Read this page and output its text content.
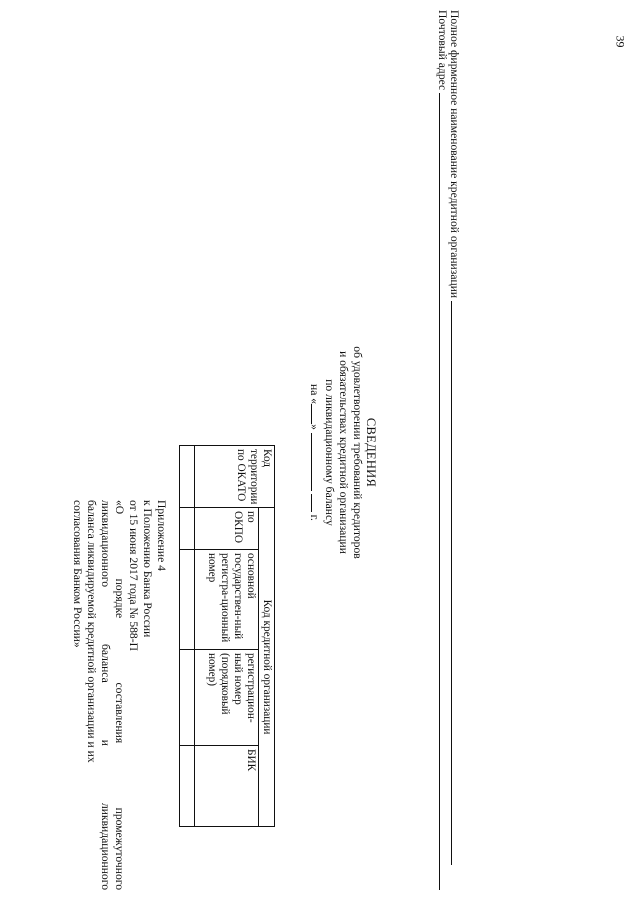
39
Приложение 4
к Положению Банка России
от 15 июня 2017 года № 588-П
«О порядке составления промежуточного
ликвидационного баланса и ликвидационного
баланса ликвидируемой кредитной организации и их
согласования Банком России»
Код территории по ОКАТО	Код кредитной организации			
	по ОКПО	основной государствен-ный регистра-ционный номер	регистрацион-ный номер (порядковый номер)	БИК

СВЕДЕНИЯ
об удовлетворении требований кредиторов
и обязательствах кредитной организации
по ликвидационному балансу
на «»   г.
Полное фирменное наименование кредитной организации
Почтовый адрес
